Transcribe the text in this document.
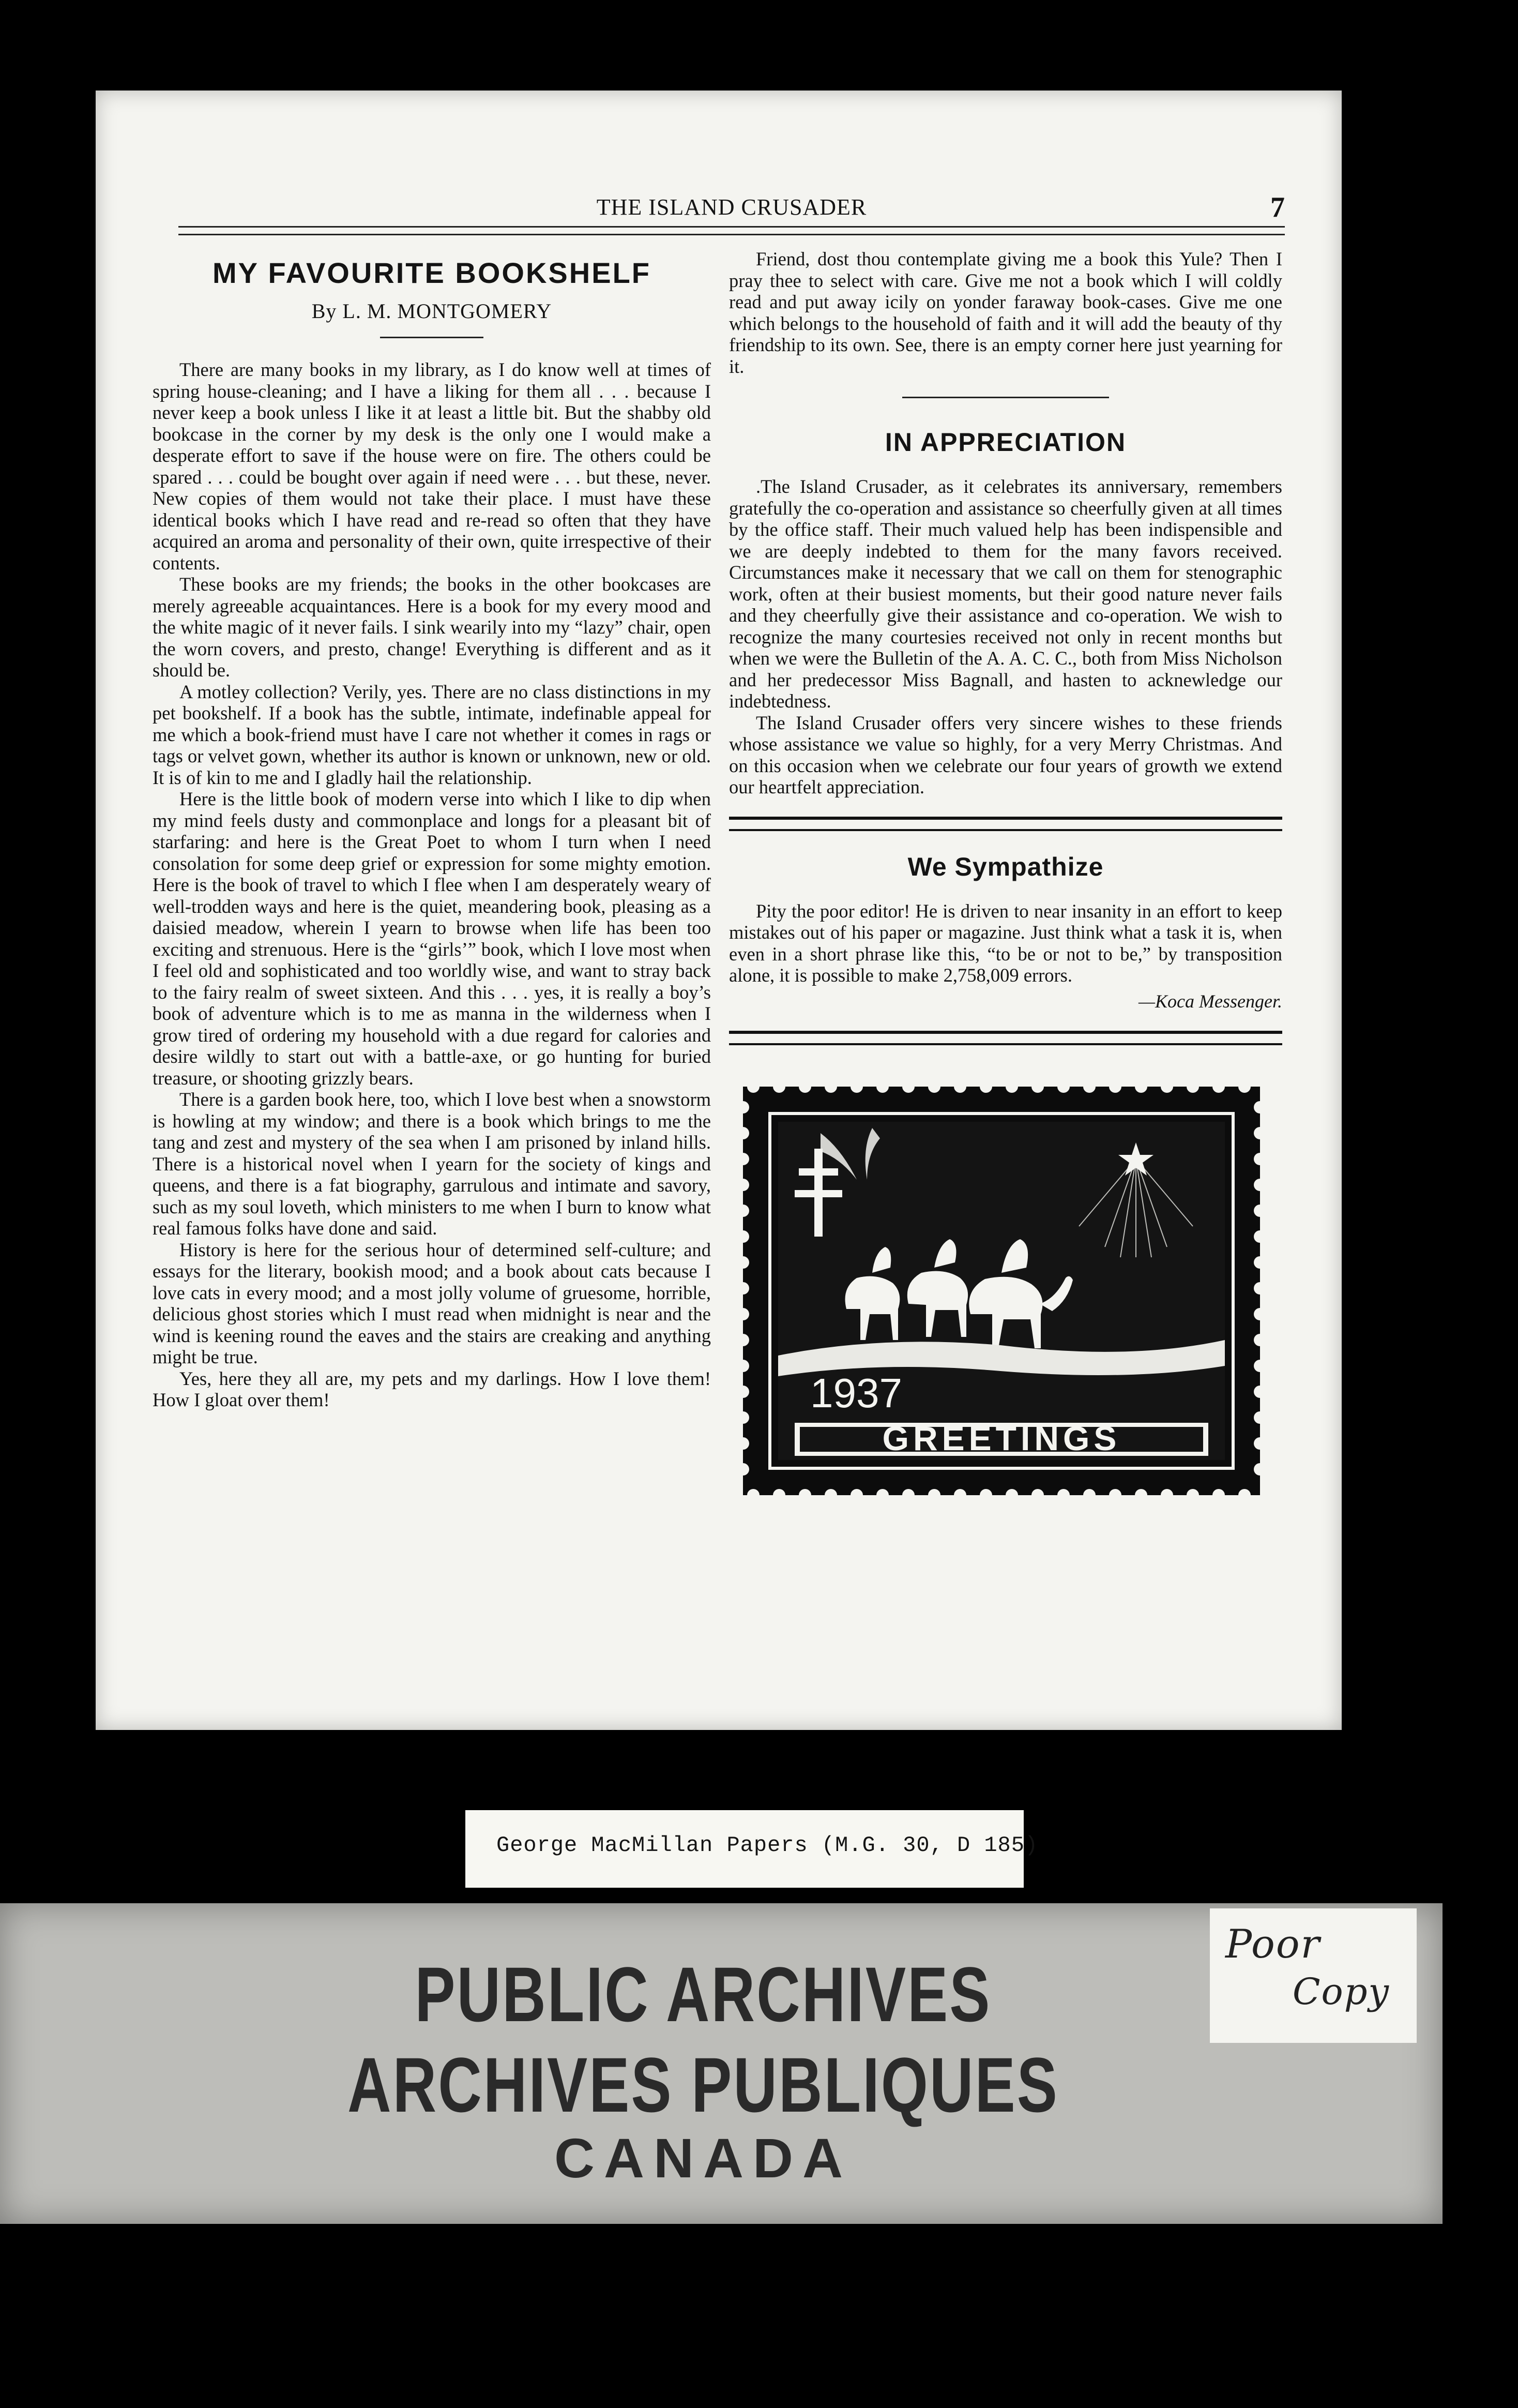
THE ISLAND CRUSADER	7
MY FAVOURITE BOOKSHELF
By L. M. MONTGOMERY

There are many books in my library, as I do know well at times of spring house-cleaning; and I have a liking for them all . . . because I never keep a book unless I like it at least a little bit. But the shabby old bookcase in the corner by my desk is the only one I would make a desperate effort to save if the house were on fire. The others could be spared . . . could be bought over again if need were . . . but these, never. New copies of them would not take their place. I must have these identical books which I have read and re-read so often that they have acquired an aroma and personality of their own, quite irrespective of their contents.

These books are my friends; the books in the other bookcases are merely agreeable acquaintances. Here is a book for my every mood and the white magic of it never fails. I sink wearily into my “lazy” chair, open the worn covers, and presto, change! Everything is different and as it should be.

A motley collection? Verily, yes. There are no class distinctions in my pet bookshelf. If a book has the subtle, intimate, indefinable appeal for me which a book-friend must have I care not whether it comes in rags or tags or velvet gown, whether its author is known or unknown, new or old. It is of kin to me and I gladly hail the relationship.

Here is the little book of modern verse into which I like to dip when my mind feels dusty and commonplace and longs for a pleasant bit of starfaring: and here is the Great Poet to whom I turn when I need consolation for some deep grief or expression for some mighty emotion. Here is the book of travel to which I flee when I am desperately weary of well-trodden ways and here is the quiet, meandering book, pleasing as a daisied meadow, wherein I yearn to browse when life has been too exciting and strenuous. Here is the “girls’” book, which I love most when I feel old and sophisticated and too worldly wise, and want to stray back to the fairy realm of sweet sixteen. And this . . . yes, it is really a boy’s book of adventure which is to me as manna in the wilderness when I grow tired of ordering my household with a due regard for calories and desire wildly to start out with a battle-axe, or go hunting for buried treasure, or shooting grizzly bears.

There is a garden book here, too, which I love best when a snowstorm is howling at my window; and there is a book which brings to me the tang and zest and mystery of the sea when I am prisoned by inland hills. There is a historical novel when I yearn for the society of kings and queens, and there is a fat biography, garrulous and intimate and savory, such as my soul loveth, which ministers to me when I burn to know what real famous folks have done and said.

History is here for the serious hour of determined self-culture; and essays for the literary, bookish mood; and a book about cats because I love cats in every mood; and a most jolly volume of gruesome, horrible, delicious ghost stories which I must read when midnight is near and the wind is keening round the eaves and the stairs are creaking and anything might be true.

Yes, here they all are, my pets and my darlings. How I love them! How I gloat over them!

Friend, dost thou contemplate giving me a book this Yule? Then I pray thee to select with care. Give me not a book which I will coldly read and put away icily on yonder faraway book-cases. Give me one which belongs to the household of faith and it will add the beauty of thy friendship to its own. See, there is an empty corner here just yearning for it.

IN APPRECIATION

.The Island Crusader, as it celebrates its anniversary, remembers gratefully the co-operation and assistance so cheerfully given at all times by the office staff. Their much valued help has been indispensible and we are deeply indebted to them for the many favors received. Circumstances make it necessary that we call on them for stenographic work, often at their busiest moments, but their good nature never fails and they cheerfully give their assistance and co-operation. We wish to recognize the many courtesies received not only in recent months but when we were the Bulletin of the A. A. C. C., both from Miss Nicholson and her predecessor Miss Bagnall, and hasten to acknewledge our indebtedness.

The Island Crusader offers very sincere wishes to these friends whose assistance we value so highly, for a very Merry Christmas. And on this occasion when we celebrate our four years of growth we extend our heartfelt appreciation.

We Sympathize

Pity the poor editor! He is driven to near insanity in an effort to keep mistakes out of his paper or magazine. Just think what a task it is, when even in a short phrase like this, “to be or not to be,” by transposition alone, it is possible to make 2,758,009 errors.

—Koca Messenger.
1937
GREETINGS
George MacMillan Papers (M.G. 30, D 185)
PUBLIC ARCHIVES
ARCHIVES PUBLIQUES
CANADA
Poor
Copy
